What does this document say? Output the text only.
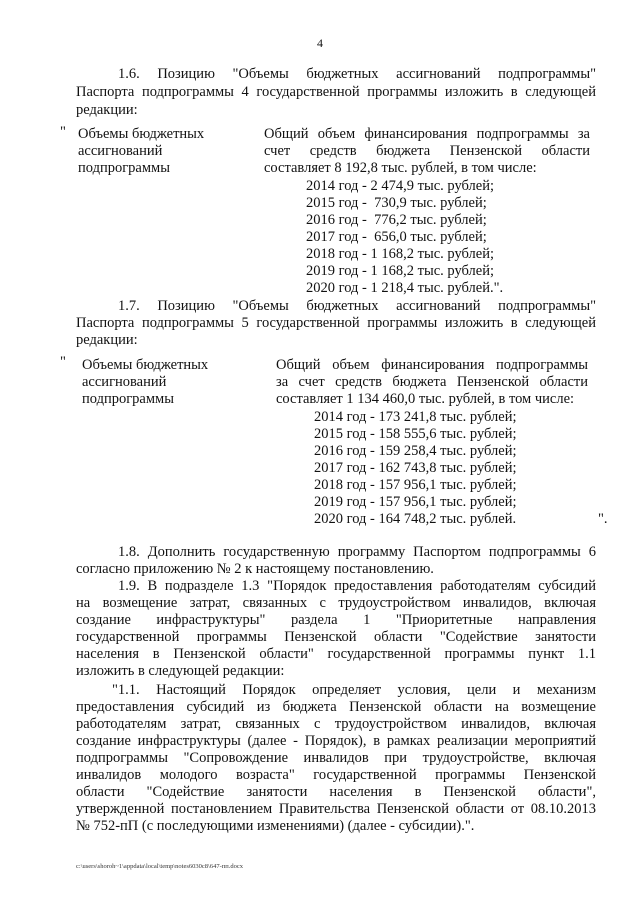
4
1.6. Позицию "Объемы бюджетных ассигнований подпрограммы"
Паспорта подпрограммы 4 государственной программы изложить в следующей
редакции:
" Объемы бюджетных
ассигнований
подпрограммы
Общий объем финансирования подпрограммы за
счет средств бюджета Пензенской области
составляет 8 192,8 тыс. рублей, в том числе:
2014 год - 2 474,9 тыс. рублей;
2015 год -  730,9 тыс. рублей;
2016 год -  776,2 тыс. рублей;
2017 год -  656,0 тыс. рублей;
2018 год - 1 168,2 тыс. рублей;
2019 год - 1 168,2 тыс. рублей;
2020 год - 1 218,4 тыс. рублей.".
1.7. Позицию "Объемы бюджетных ассигнований подпрограммы"
Паспорта подпрограммы 5 государственной программы изложить в следующей
редакции:
" Объемы бюджетных
ассигнований
подпрограммы
Общий объем финансирования подпрограммы
за счет средств бюджета Пензенской области
составляет 1 134 460,0 тыс. рублей, в том числе:
2014 год - 173 241,8 тыс. рублей;
2015 год - 158 555,6 тыс. рублей;
2016 год - 159 258,4 тыс. рублей;
2017 год - 162 743,8 тыс. рублей;
2018 год - 157 956,1 тыс. рублей;
2019 год - 157 956,1 тыс. рублей;
2020 год - 164 748,2 тыс. рублей.	".
1.8. Дополнить государственную программу Паспортом подпрограммы 6
согласно приложению № 2 к настоящему постановлению.
1.9. В подразделе 1.3 "Порядок предоставления работодателям субсидий
на возмещение затрат, связанных с трудоустройством инвалидов, включая
создание инфраструктуры" раздела 1 "Приоритетные направления
государственной программы Пензенской области "Содействие занятости
населения в Пензенской области" государственной программы пункт 1.1
изложить в следующей редакции:
"1.1. Настоящий Порядок определяет условия, цели и механизм
предоставления субсидий из бюджета Пензенской области на возмещение
работодателям затрат, связанных с трудоустройством инвалидов, включая
создание инфраструктуры (далее - Порядок), в рамках реализации мероприятий
подпрограммы "Сопровождение инвалидов при трудоустройстве, включая
инвалидов молодого возраста" государственной программы Пензенской
области "Содействие занятости населения в Пензенской области",
утвержденной постановлением Правительства Пензенской области от 08.10.2013
№ 752-пП (с последующими изменениями) (далее - субсидии).".
c:\users\shoroh~1\appdata\local\temp\notes6030c8\647-пп.docx
